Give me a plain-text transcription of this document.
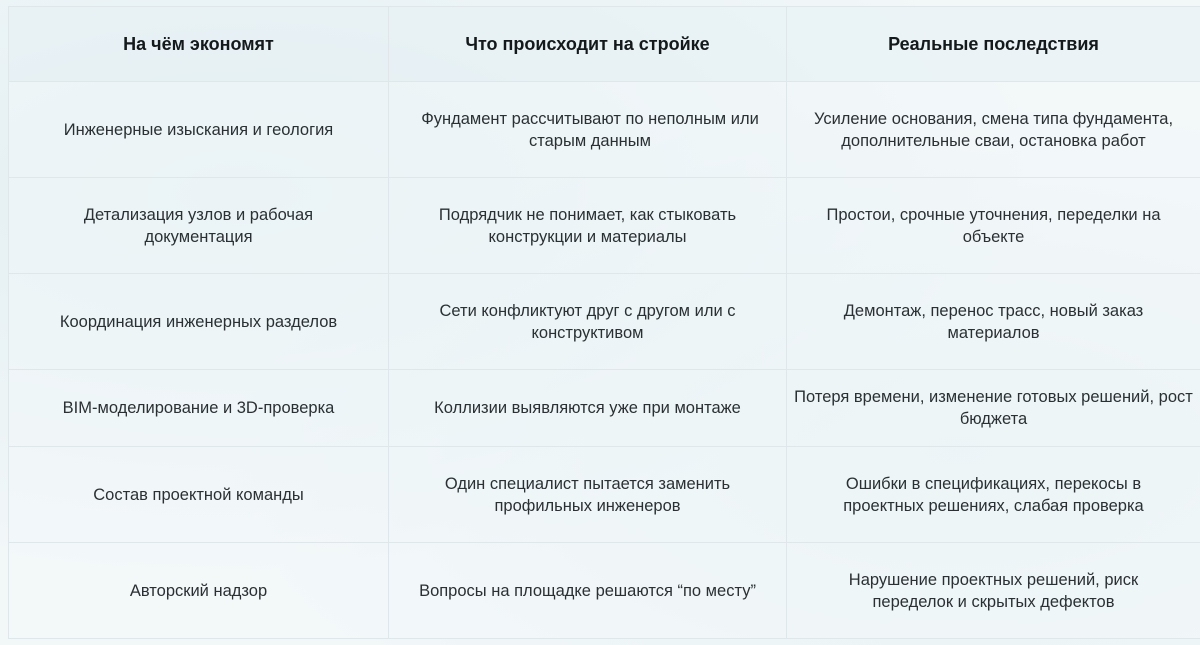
На чём экономят	Что происходит на стройке	Реальные последствия
Инженерные изыскания и геология	Фундамент рассчитывают по неполным или старым данным	Усиление основания, смена типа фундамента, дополнительные сваи, остановка работ
Детализация узлов и рабочая документация	Подрядчик не понимает, как стыковать конструкции и материалы	Простои, срочные уточнения, переделки на объекте
Координация инженерных разделов	Сети конфликтуют друг с другом или с конструктивом	Демонтаж, перенос трасс, новый заказ материалов
BIM-моделирование и 3D-проверка	Коллизии выявляются уже при монтаже	Потеря времени, изменение готовых решений, рост бюджета
Состав проектной команды	Один специалист пытается заменить профильных инженеров	Ошибки в спецификациях, перекосы в проектных решениях, слабая проверка
Авторский надзор	Вопросы на площадке решаются “по месту”	Нарушение проектных решений, риск переделок и скрытых дефектов
